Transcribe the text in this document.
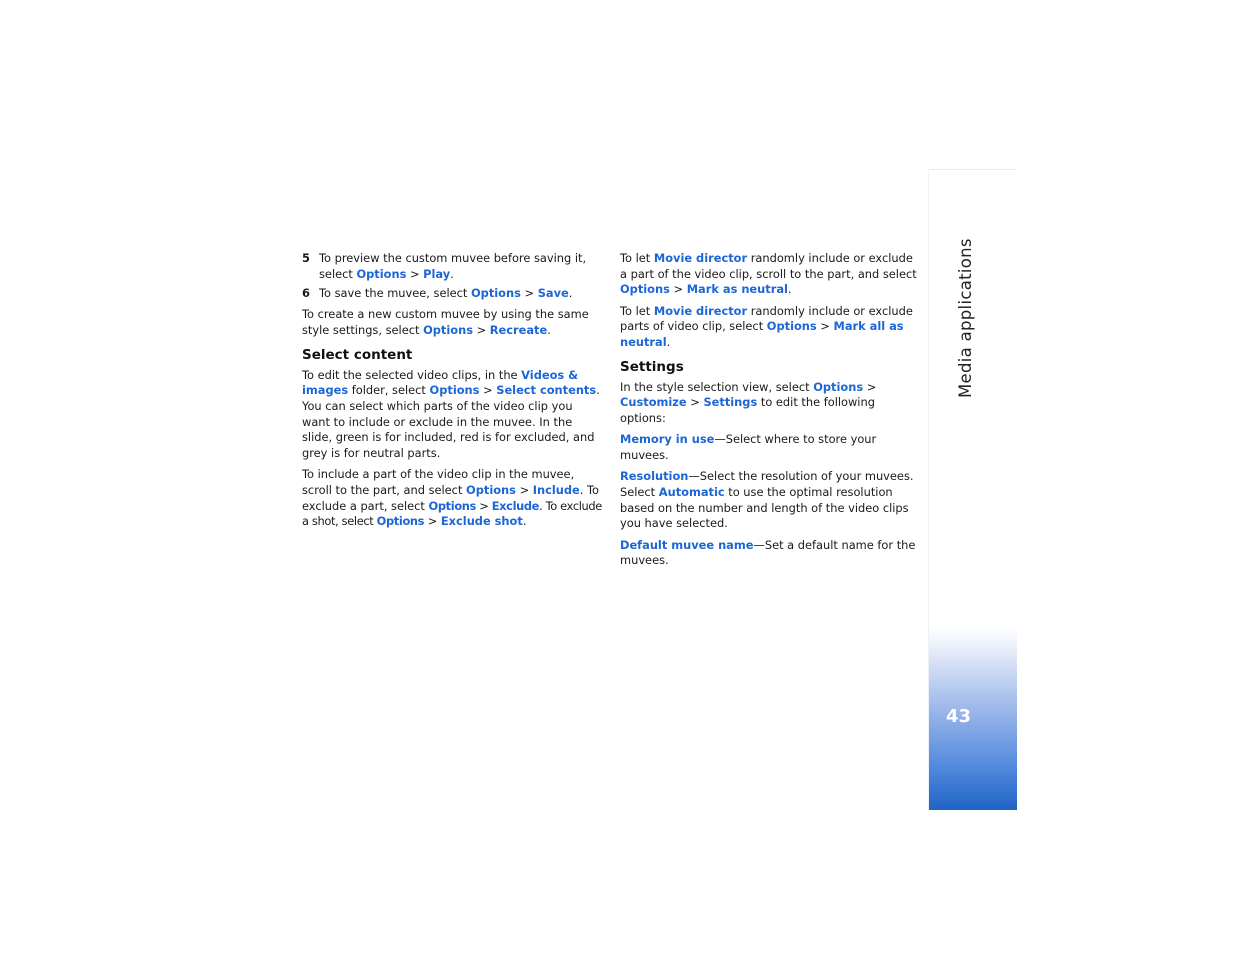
5 To preview the custom muvee before saving it, select Options > Play.
6 To save the muvee, select Options > Save.

To create a new custom muvee by using the same style settings, select Options > Recreate.

Select content

To edit the selected video clips, in the Videos & images folder, select Options > Select contents. You can select which parts of the video clip you want to include or exclude in the muvee. In the slide, green is for included, red is for excluded, and grey is for neutral parts.

To include a part of the video clip in the muvee, scroll to the part, and select Options > Include. To exclude a part, select Options > Exclude. To exclude a shot, select Options > Exclude shot.

To let Movie director randomly include or exclude a part of the video clip, scroll to the part, and select Options > Mark as neutral.

To let Movie director randomly include or exclude parts of video clip, select Options > Mark all as neutral.

Settings

In the style selection view, select Options > Customize > Settings to edit the following options:

Memory in use—Select where to store your muvees.

Resolution—Select the resolution of your muvees. Select Automatic to use the optimal resolution based on the number and length of the video clips you have selected.

Default muvee name—Set a default name for the muvees.

Media applications
43
